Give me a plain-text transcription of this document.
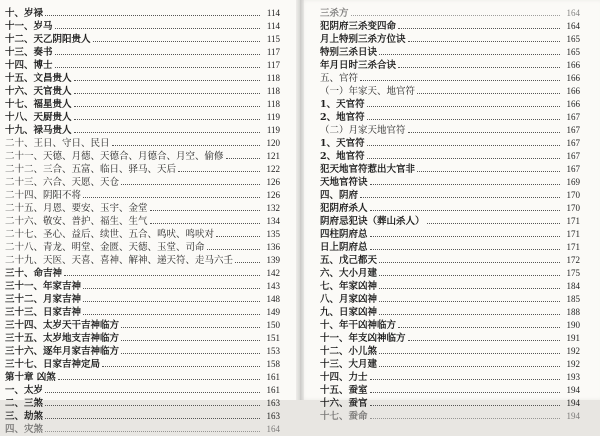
十、岁禄	114
十一、岁马	114
十二、天乙阴阳贵人	115
十三、奏书	117
十四、博士	117
十五、文昌贵人	118
十六、天官贵人	118
十七、福星贵人	118
十八、天厨贵人	119
十九、禄马贵人	119
二十、王日、守日、民日	120
二十一、天德、月德、天德合、月德合、月空、偷修	121
二十二、三合、五富、临日、驿马、天后	122
二十三、六合、天愿、天仓	126
二十四、阴阳不将	126
二十五、月恩、要安、玉宇、金堂	132
二十六、敬安、普护、福生、生气	134
二十七、圣心、益后、续世、五合、鸣吠、鸣吠对	135
二十八、青龙、明堂、金匮、天德、玉堂、司命	136
二十九、天医、天喜、喜神、解神、递天符、走马六壬	139
三十、命吉神	142
三十一、年家吉神	143
三十二、月家吉神	148
三十三、日家吉神	149
三十四、太岁天干吉神临方	150
三十五、太岁地支吉神临方	151
三十六、逐年月家吉神临方	153
三十七、日家吉神定局	158
第十章 凶煞	161
一、太岁	161
二、三煞	163
三、劫煞	163
四、灾煞	164
三杀方	164
犯阴府三杀变四命	164
月上特别三杀方位诀	165
特别三杀日诀	165
年月日时三杀合诀	166
五、官符	166
（一）年家天、地官符	166
1、天官符	166
2、地官符	167
（二）月家天地官符	167
1、天官符	167
2、地官符	167
犯天地官符惹出大官非	167
天地官符诀	169
四、阴府	170
犯阴府杀人	170
阴府忌犯诀（葬山杀人）	171
四柱阴府总	171
日上阴府总	171
五、戊己都天	172
六、大小月建	175
七、年家凶神	184
八、月家凶神	185
九、日家凶神	188
十、年干凶神临方	190
十一、年支凶神临方	191
十二、小儿煞	192
十三、大月建	192
十四、力士	193
十五、蚕室	194
十六、蚕官	194
十七、蚕命	194
